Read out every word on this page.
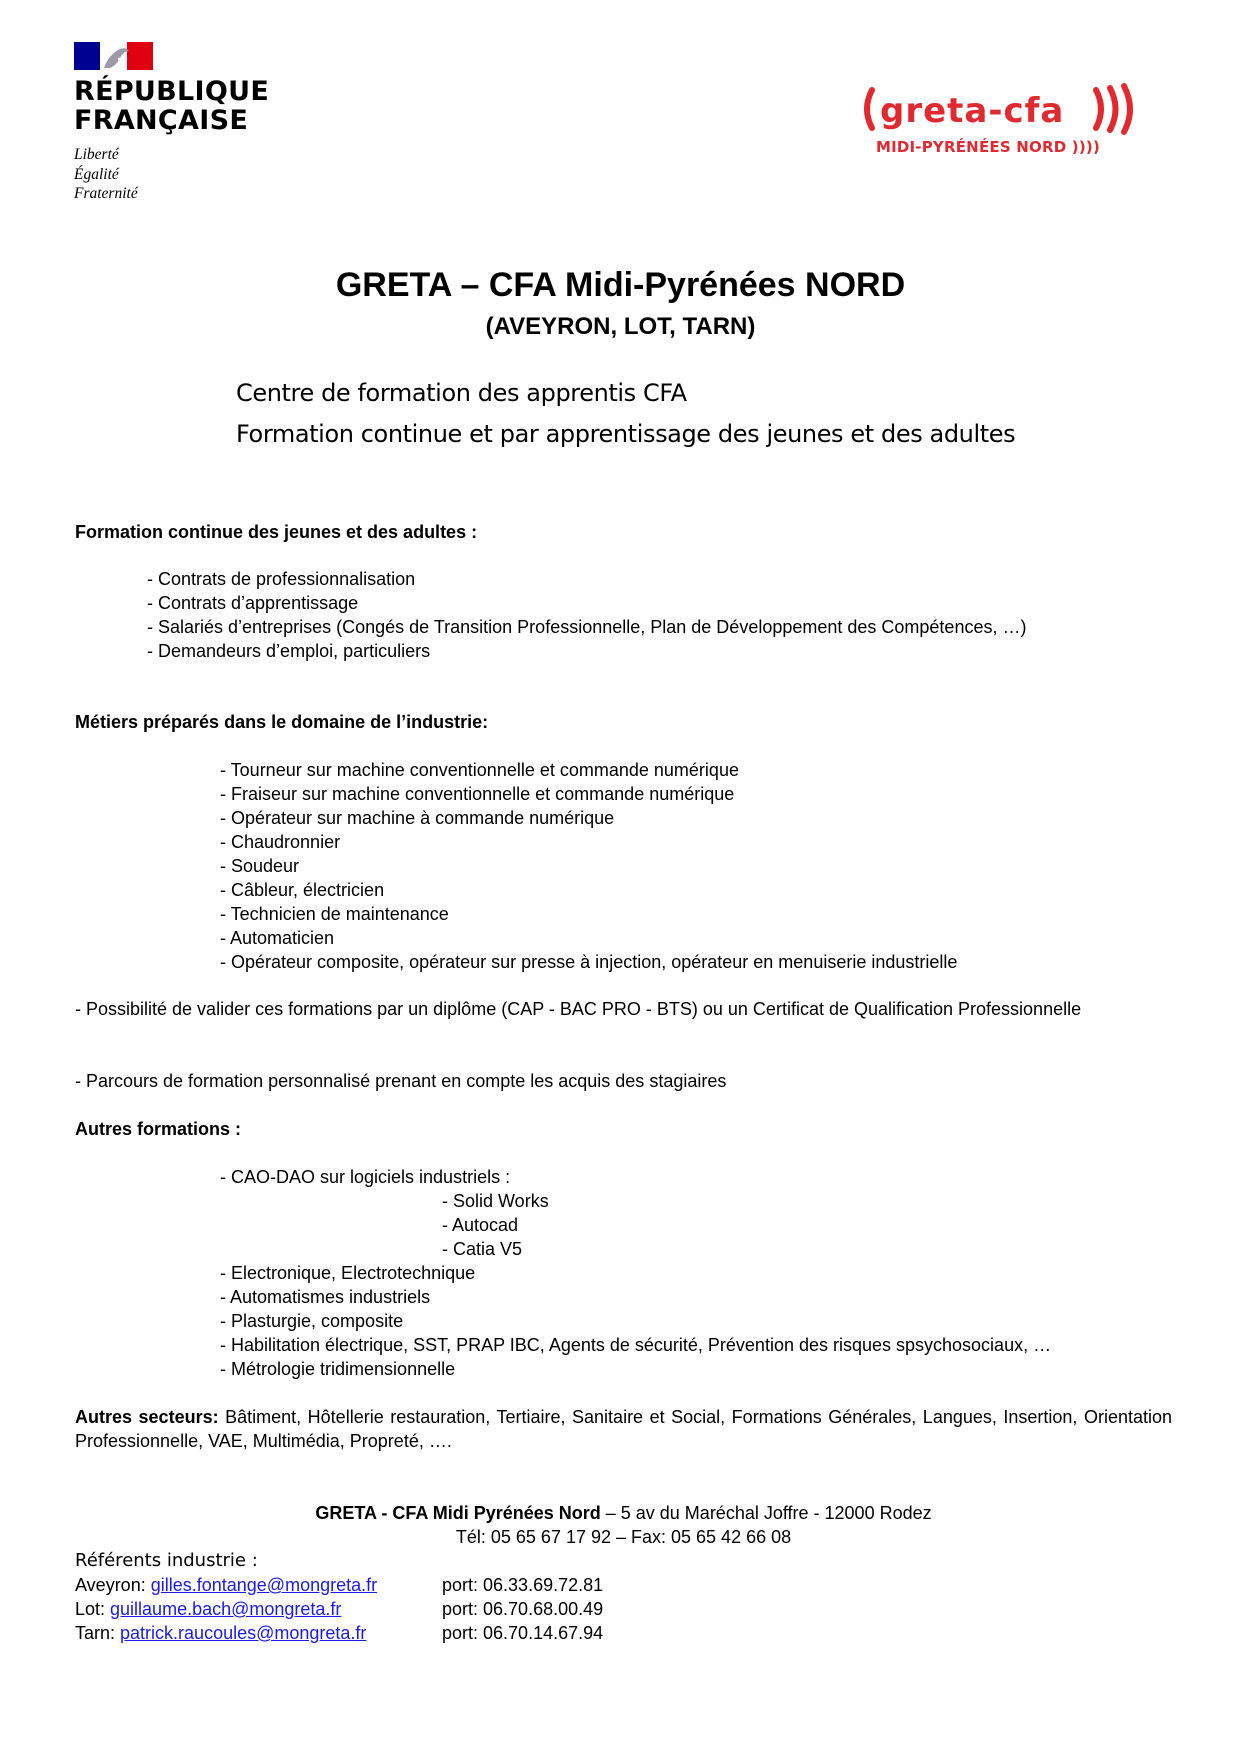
RÉPUBLIQUE
FRANÇAISE
Liberté
Égalité
Fraternité
greta-cfa
MIDI-PYRÉNÉES NORD ))))
GRETA – CFA Midi-Pyrénées NORD
(AVEYRON, LOT, TARN)
Centre de formation des apprentis CFA
Formation continue et par apprentissage des jeunes et des adultes
Formation continue des jeunes et des adultes :
- Contrats de professionnalisation
- Contrats d’apprentissage
- Salariés d’entreprises (Congés de Transition Professionnelle, Plan de Développement des Compétences, …)
- Demandeurs d’emploi, particuliers
Métiers préparés dans le domaine de l’industrie:
- Tourneur sur machine conventionnelle et commande numérique
- Fraiseur sur machine conventionnelle et commande numérique
- Opérateur sur machine à commande numérique
- Chaudronnier
- Soudeur
- Câbleur, électricien
- Technicien de maintenance
- Automaticien
- Opérateur composite, opérateur sur presse à injection, opérateur en menuiserie industrielle
- Possibilité de valider ces formations par un diplôme (CAP - BAC PRO - BTS) ou un Certificat de Qualification Professionnelle
- Parcours de formation personnalisé prenant en compte les acquis des stagiaires
Autres formations :
- CAO-DAO sur logiciels industriels :
- Solid Works
- Autocad
- Catia V5
- Electronique, Electrotechnique
- Automatismes industriels
- Plasturgie, composite
- Habilitation électrique, SST, PRAP IBC, Agents de sécurité, Prévention des risques spsychosociaux, …
- Métrologie tridimensionnelle
Autres secteurs: Bâtiment, Hôtellerie restauration, Tertiaire, Sanitaire et Social, Formations Générales, Langues, Insertion, Orientation Professionnelle, VAE, Multimédia, Propreté, ….
GRETA - CFA Midi Pyrénées Nord – 5 av du Maréchal Joffre - 12000 Rodez
Tél: 05 65 67 17 92 – Fax: 05 65 42 66 08
Référents industrie :
Aveyron: gilles.fontange@mongreta.fr	port: 06.33.69.72.81
Lot: guillaume.bach@mongreta.fr	port: 06.70.68.00.49
Tarn: patrick.raucoules@mongreta.fr	port: 06.70.14.67.94
